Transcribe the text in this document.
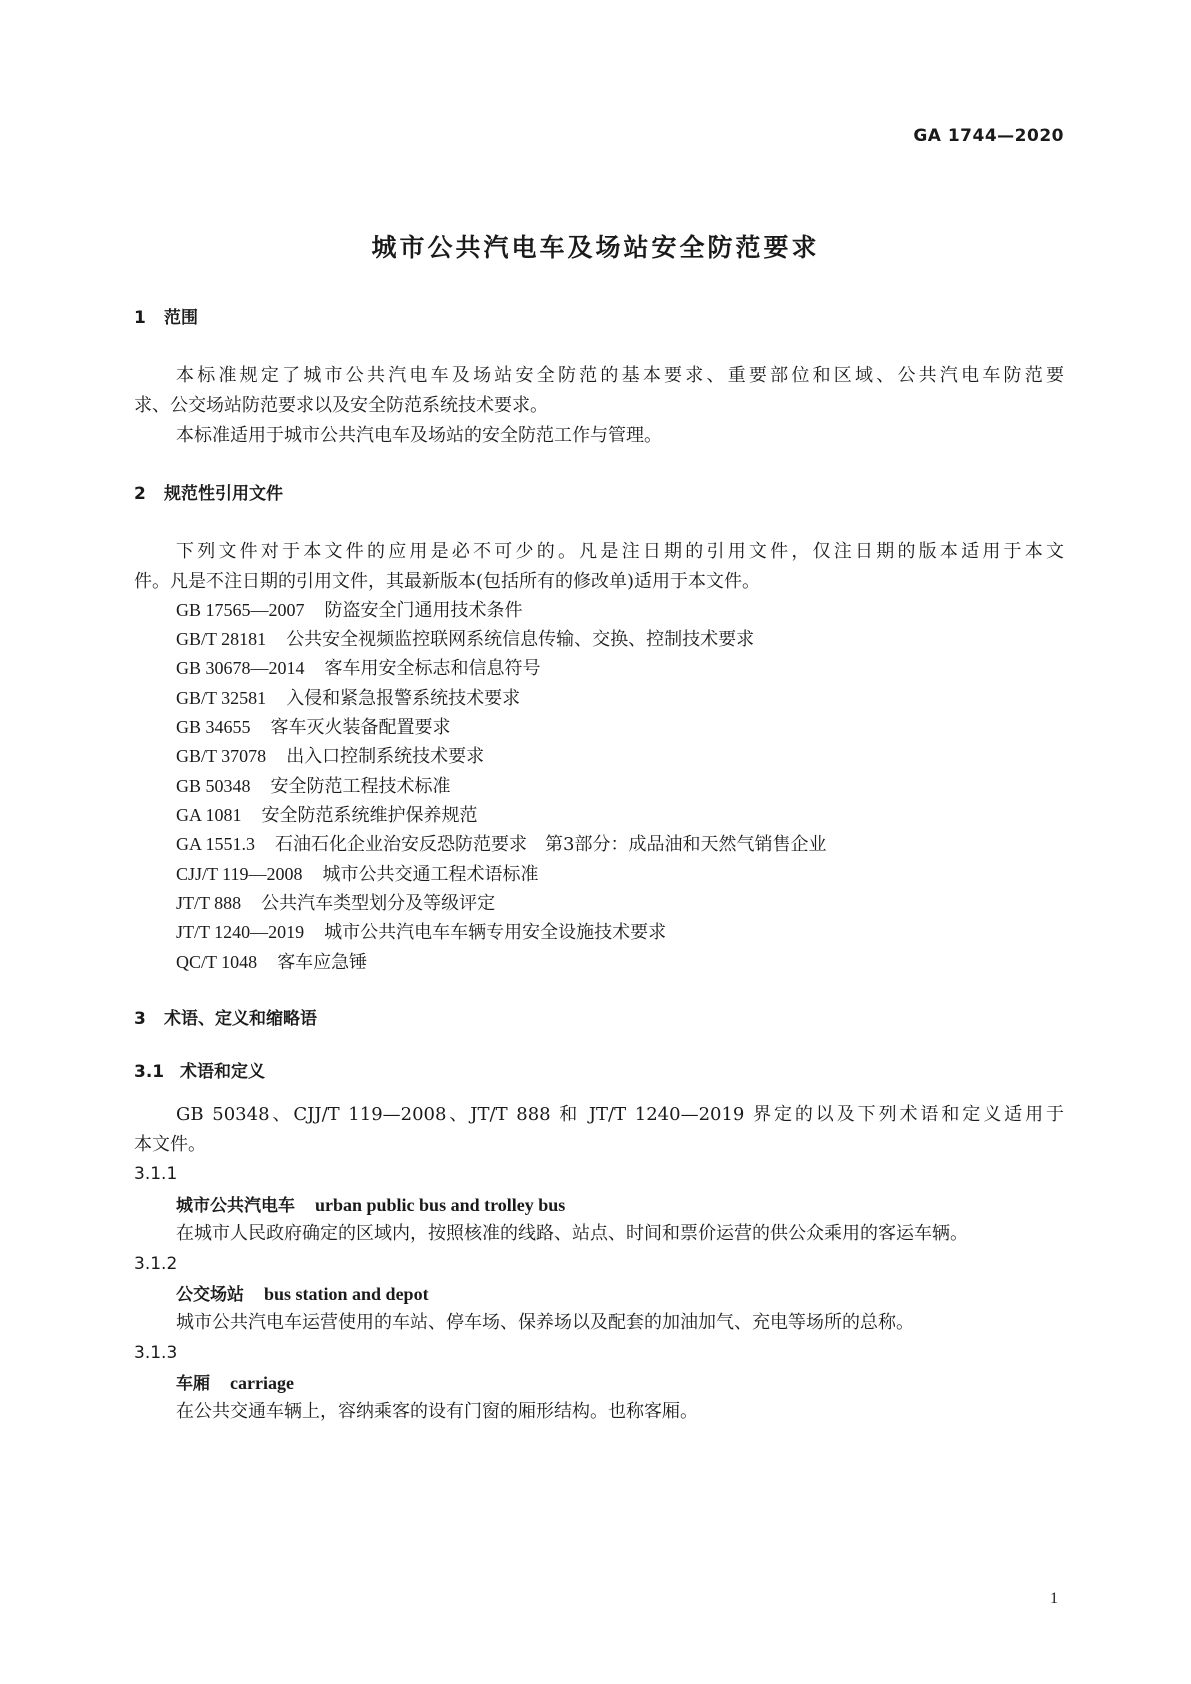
GA 1744—2020
城市公共汽电车及场站安全防范要求
1 范围
本标准规定了城市公共汽电车及场站安全防范的基本要求、重要部位和区域、公共汽电车防范要
求、公交场站防范要求以及安全防范系统技术要求。
本标准适用于城市公共汽电车及场站的安全防范工作与管理。
2 规范性引用文件
下列文件对于本文件的应用是必不可少的。凡是注日期的引用文件，仅注日期的版本适用于本文
件。凡是不注日期的引用文件，其最新版本(包括所有的修改单)适用于本文件。
GB 17565—2007 防盗安全门通用技术条件
GB/T 28181 公共安全视频监控联网系统信息传输、交换、控制技术要求
GB 30678—2014 客车用安全标志和信息符号
GB/T 32581 入侵和紧急报警系统技术要求
GB 34655 客车灭火装备配置要求
GB/T 37078 出入口控制系统技术要求
GB 50348 安全防范工程技术标准
GA 1081 安全防范系统维护保养规范
GA 1551.3 石油石化企业治安反恐防范要求　第3部分：成品油和天然气销售企业
CJJ/T 119—2008 城市公共交通工程术语标准
JT/T 888 公共汽车类型划分及等级评定
JT/T 1240—2019 城市公共汽电车车辆专用安全设施技术要求
QC/T 1048 客车应急锤
3 术语、定义和缩略语
3.1 术语和定义
GB 50348、CJJ/T 119—2008、JT/T 888 和 JT/T 1240—2019 界定的以及下列术语和定义适用于
本文件。
3.1.1
城市公共汽电车 urban public bus and trolley bus
在城市人民政府确定的区域内，按照核准的线路、站点、时间和票价运营的供公众乘用的客运车辆。
3.1.2
公交场站 bus station and depot
城市公共汽电车运营使用的车站、停车场、保养场以及配套的加油加气、充电等场所的总称。
3.1.3
车厢 carriage
在公共交通车辆上，容纳乘客的设有门窗的厢形结构。也称客厢。
1
